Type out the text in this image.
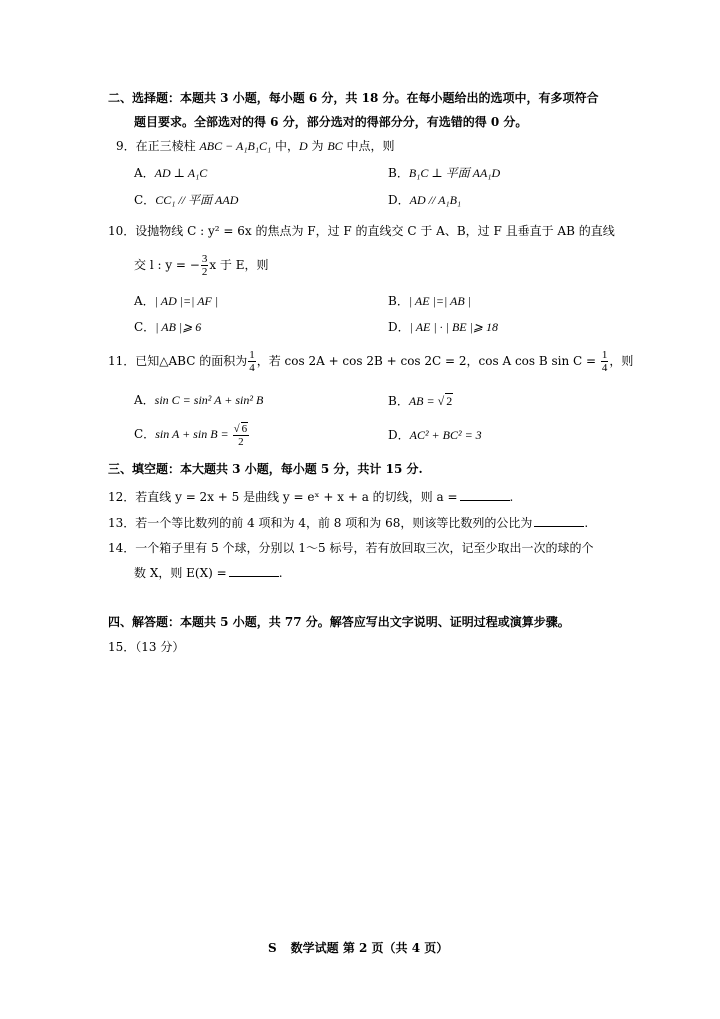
二、选择题：本题共 3 小题，每小题 6 分，共 18 分。在每小题给出的选项中，有多项符合
题目要求。全部选对的得 6 分，部分选对的得部分分，有选错的得 0 分。
9．在正三棱柱 ABC − A₁B₁C₁ 中，D 为 BC 中点，则
A．AD ⊥ A₁C	B．B₁C ⊥ 平面 AA₁D
C．CC₁ // 平面 AAD	D．AD // A₁B₁
10．设抛物线 C : y² = 6x 的焦点为 F，过 F 的直线交 C 于 A、B，过 F 且垂直于 AB 的直线
交 l : y = − $\frac{3}{2}$ x 于 E，则
A．| AD |=| AF |	B．| AE |=| AB |
C．| AB |⩾ 6	D．| AE | · | BE |⩾ 18
11．已知△ABC 的面积为 $\frac{1}{4}$ ，若 cos 2A + cos 2B + cos 2C = 2，cos A cos B $\sin C = \frac{1}{4}$ ，则
A．sin C = sin² A + sin² B	B．AB = √ 2
C．$\sin A + \sin B = \frac{√ 6}{2}$	D．AC² + BC² = 3
三、填空题：本大题共 3 小题，每小题 5 分，共计 15 分.
12．若直线 y = 2x + 5 是曲线 y = eˣ + x + a 的切线，则 a =	.
13．若一个等比数列的前 4 项和为 4，前 8 项和为 68，则该等比数列的公比为	.
14．一个箱子里有 5 个球，分别以 1～5 标号，若有放回取三次，记至少取出一次的球的个
数 X，则 E(X) =	.
四、解答题：本题共 5 小题，共 77 分。解答应写出文字说明、证明过程或演算步骤。
15．（13 分）
S 数学试题 第 2 页（共 4 页）
